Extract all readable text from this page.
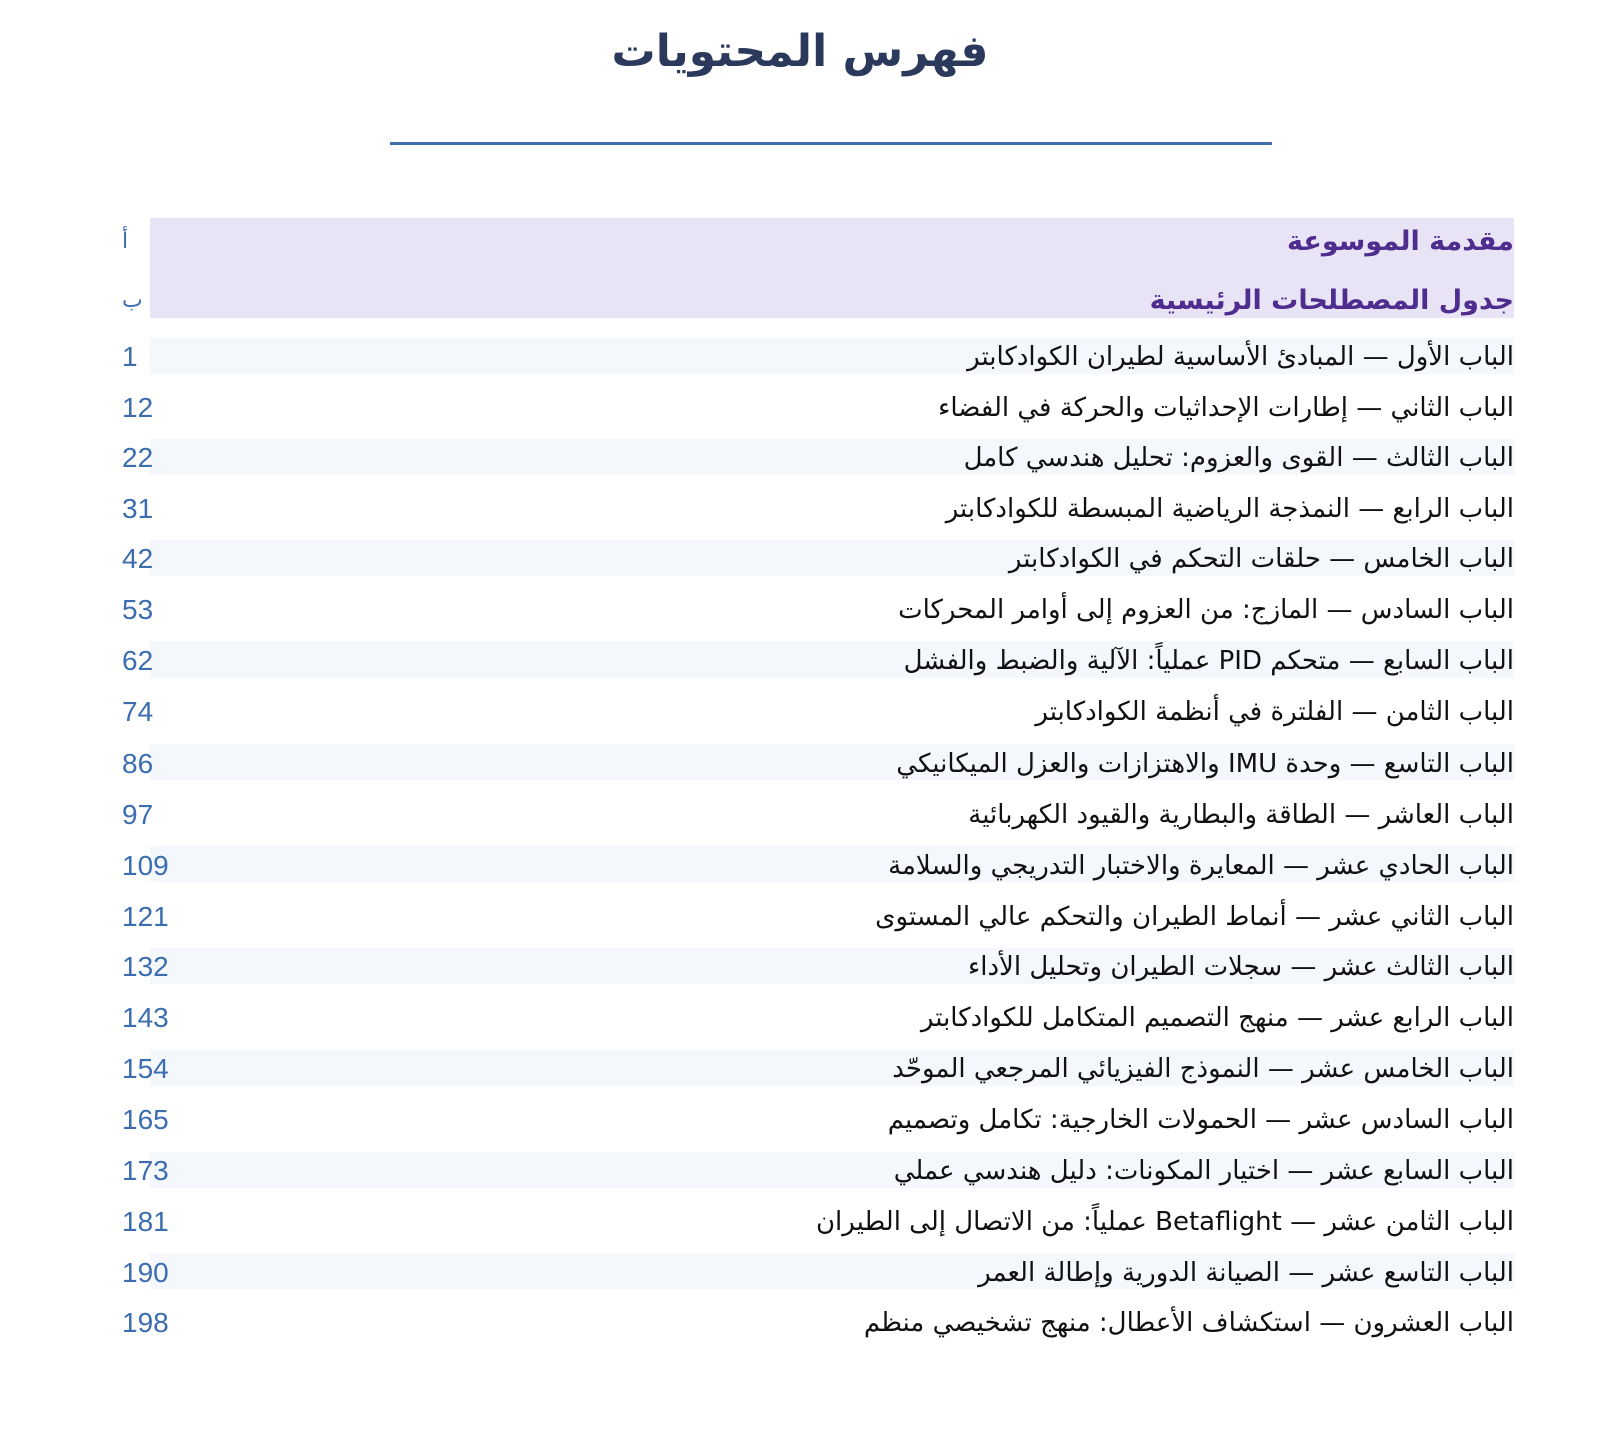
فهرس المحتويات
مقدمة الموسوعة
أ
جدول المصطلحات الرئيسية
ب
الباب الأول — المبادئ الأساسية لطيران الكوادكابتر
1
الباب الثاني — إطارات الإحداثيات والحركة في الفضاء
12
الباب الثالث — القوى والعزوم: تحليل هندسي كامل
22
الباب الرابع — النمذجة الرياضية المبسطة للكوادكابتر
31
الباب الخامس — حلقات التحكم في الكوادكابتر
42
الباب السادس — المازج: من العزوم إلى أوامر المحركات
53
الباب السابع — متحكم PID عملياً: الآلية والضبط والفشل
62
الباب الثامن — الفلترة في أنظمة الكوادكابتر
74
الباب التاسع — وحدة IMU والاهتزازات والعزل الميكانيكي
86
الباب العاشر — الطاقة والبطارية والقيود الكهربائية
97
الباب الحادي عشر — المعايرة والاختبار التدريجي والسلامة
109
الباب الثاني عشر — أنماط الطيران والتحكم عالي المستوى
121
الباب الثالث عشر — سجلات الطيران وتحليل الأداء
132
الباب الرابع عشر — منهج التصميم المتكامل للكوادكابتر
143
الباب الخامس عشر — النموذج الفيزيائي المرجعي الموحّد
154
الباب السادس عشر — الحمولات الخارجية: تكامل وتصميم
165
الباب السابع عشر — اختيار المكونات: دليل هندسي عملي
173
الباب الثامن عشر — Betaflight عملياً: من الاتصال إلى الطيران
181
الباب التاسع عشر — الصيانة الدورية وإطالة العمر
190
الباب العشرون — استكشاف الأعطال: منهج تشخيصي منظم
198
